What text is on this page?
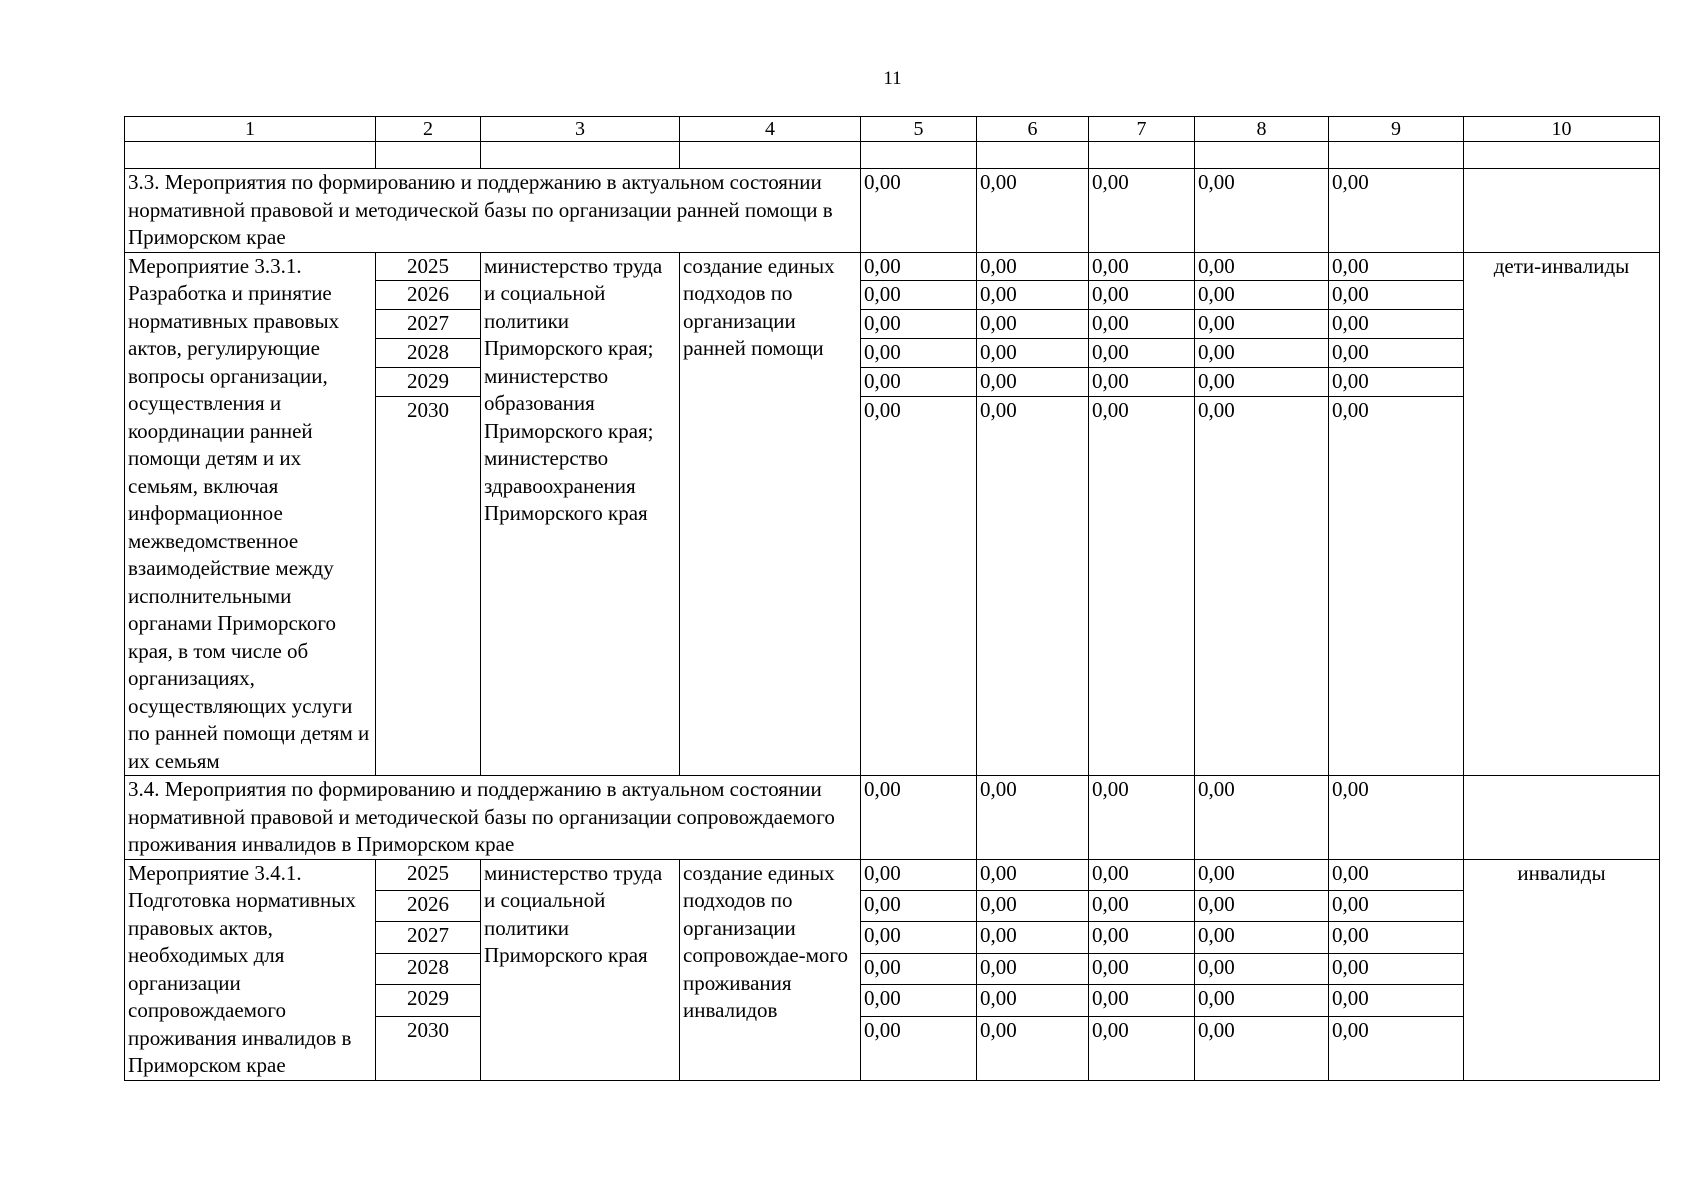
11
1	2	3	4	5	6	7	8	9	10

3.3. Мероприятия по формированию и поддержанию в актуальном состоянии нормативной правовой и методической базы по организации ранней помощи в Приморском крае				0,00	0,00	0,00	0,00	0,00	
Мероприятие 3.3.1. Разработка и принятие нормативных правовых актов, регулирующие вопросы организации, осуществления и координации ранней помощи детям и их семьям, включая информационное межведомственное взаимодействие между исполнительными органами Приморского края, в том числе об организациях, осуществляющих услуги по ранней помощи детям и их семьям	2025	министерство труда и социальной политики Приморского края; министерство образования Приморского края; министерство здравоохранения Приморского края	создание единых подходов по организации ранней помощи	0,00	0,00	0,00	0,00	0,00	дети-инвалиды
	2026			0,00	0,00	0,00	0,00	0,00	
	2027			0,00	0,00	0,00	0,00	0,00	
	2028			0,00	0,00	0,00	0,00	0,00	
	2029			0,00	0,00	0,00	0,00	0,00	
	2030			0,00	0,00	0,00	0,00	0,00	
3.4. Мероприятия по формированию и поддержанию в актуальном состоянии нормативной правовой и методической базы по организации сопровождаемого проживания инвалидов в Приморском крае				0,00	0,00	0,00	0,00	0,00	
Мероприятие 3.4.1. Подготовка нормативных правовых актов, необходимых для организации сопровождаемого проживания инвалидов в Приморском крае	2025	министерство труда и социальной политики Приморского края	создание единых подходов по организации сопровождае-мого проживания инвалидов	0,00	0,00	0,00	0,00	0,00	инвалиды
	2026			0,00	0,00	0,00	0,00	0,00	
	2027			0,00	0,00	0,00	0,00	0,00	
	2028			0,00	0,00	0,00	0,00	0,00	
	2029			0,00	0,00	0,00	0,00	0,00	
	2030			0,00	0,00	0,00	0,00	0,00	
